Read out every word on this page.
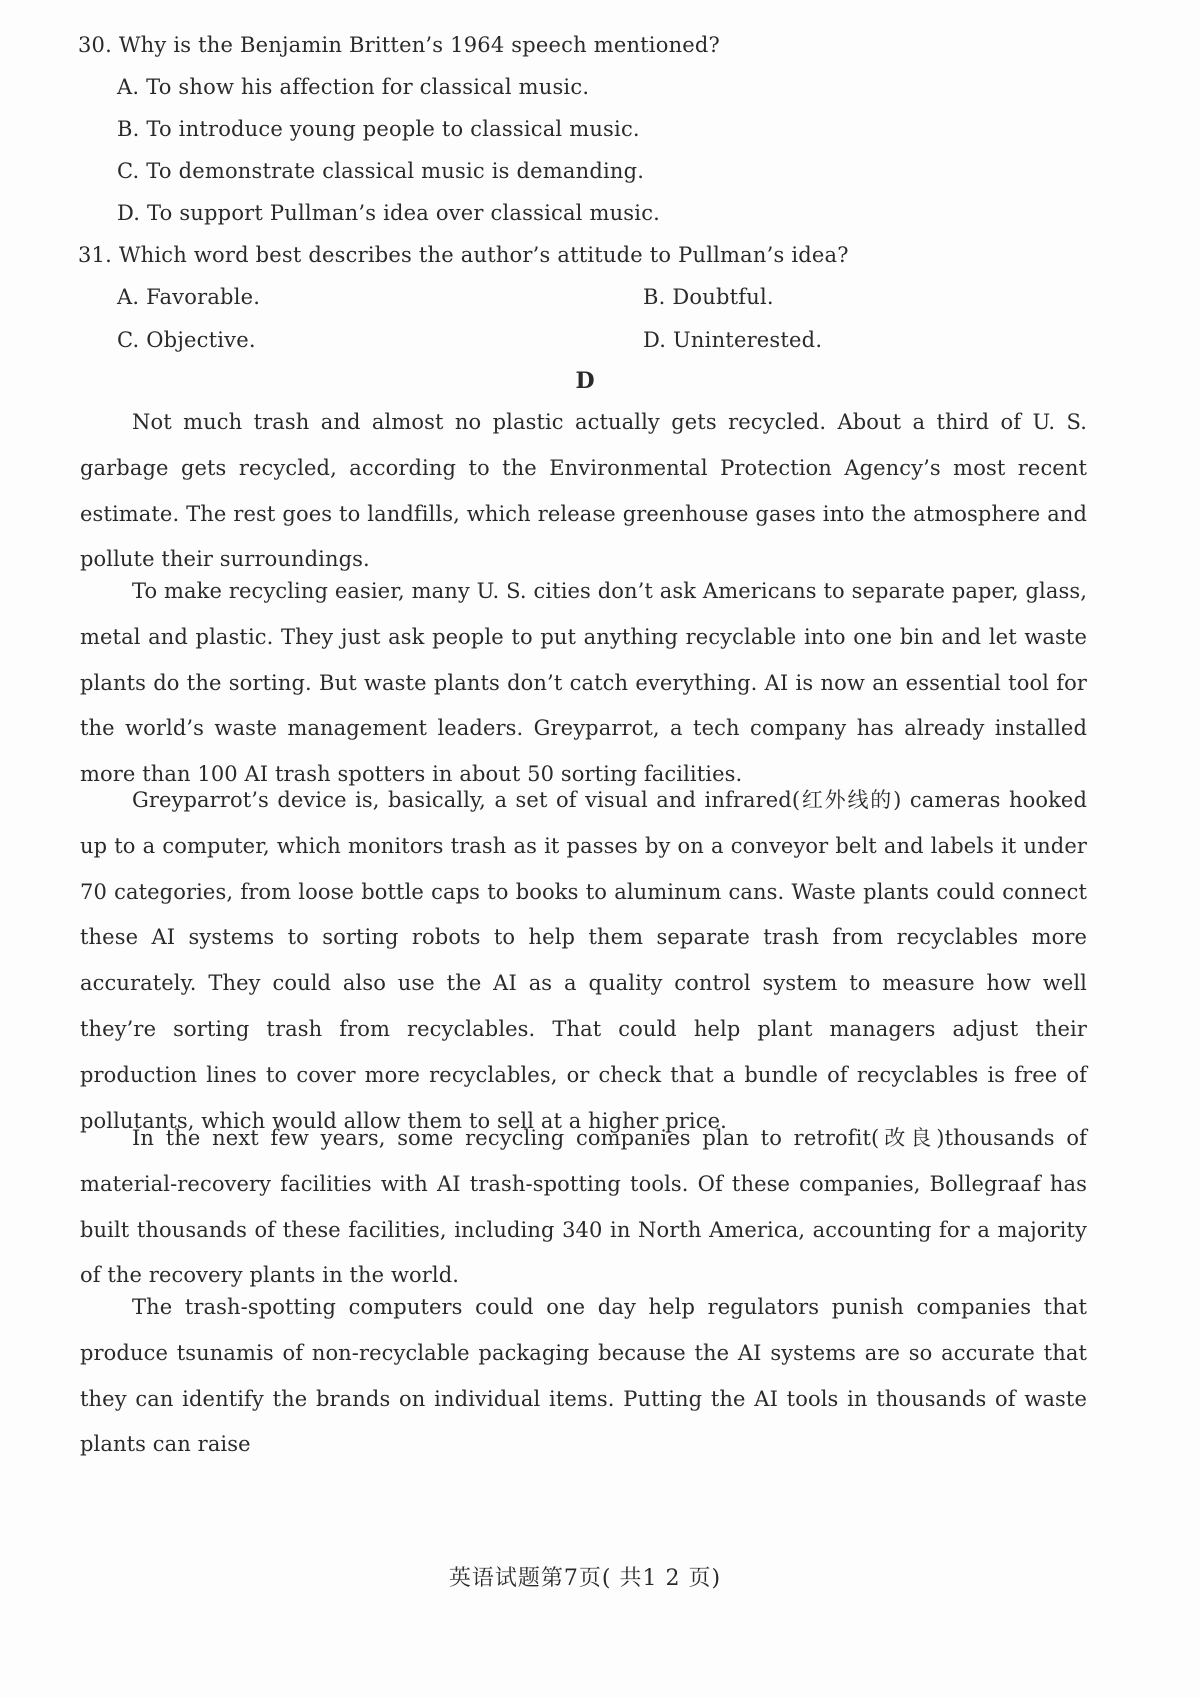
30. Why is the Benjamin Britten’s 1964 speech mentioned?
A. To show his affection for classical music.
B. To introduce young people to classical music.
C. To demonstrate classical music is demanding.
D. To support Pullman’s idea over classical music.
31. Which word best describes the author’s attitude to Pullman’s idea?
A. Favorable.	B. Doubtful.
C. Objective.	D. Uninterested.
D
Not much trash and almost no plastic actually gets recycled. About a third of U. S. garbage gets recycled, according to the Environmental Protection Agency’s most recent estimate. The rest goes to landfills, which release greenhouse gases into the atmosphere and pollute their surroundings.
To make recycling easier, many U. S. cities don’t ask Americans to separate paper, glass, metal and plastic. They just ask people to put anything recyclable into one bin and let waste plants do the sorting. But waste plants don’t catch everything. AI is now an essential tool for the world’s waste management leaders. Greyparrot, a tech company has already installed more than 100 AI trash spotters in about 50 sorting facilities.
Greyparrot’s device is, basically, a set of visual and infrared(红外线的) cameras hooked up to a computer, which monitors trash as it passes by on a conveyor belt and labels it under 70 categories, from loose bottle caps to books to aluminum cans. Waste plants could connect these AI systems to sorting robots to help them separate trash from recyclables more accurately. They could also use the AI as a quality control system to measure how well they’re sorting trash from recyclables. That could help plant managers adjust their production lines to cover more recyclables, or check that a bundle of recyclables is free of pollutants, which would allow them to sell at a higher price.
In the next few years, some recycling companies plan to retrofit(改良)thousands of material-recovery facilities with AI trash-spotting tools. Of these companies, Bollegraaf has built thousands of these facilities, including 340 in North America, accounting for a majority of the recovery plants in the world.
The trash-spotting computers could one day help regulators punish companies that produce tsunamis of non-recyclable packaging because the AI systems are so accurate that they can identify the brands on individual items. Putting the AI tools in thousands of waste plants can raise
英语试题第7页( 共1 2 页)
